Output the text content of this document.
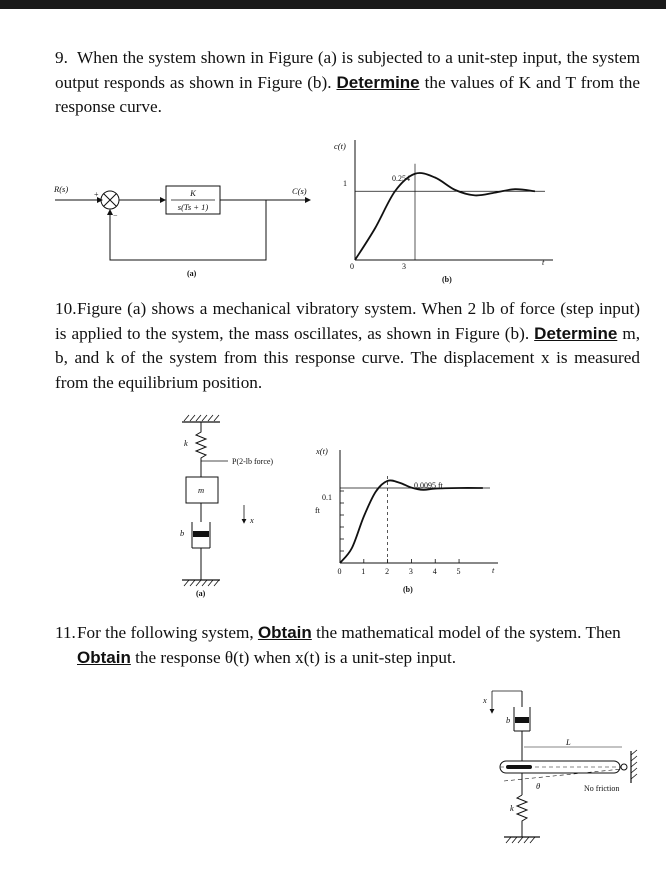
9. When the system shown in Figure (a) is subjected to a unit-step input, the system output responds as shown in Figure (b). Determine the values of K and T from the response curve.
R(s)
+
−
K
s(Ts + 1)
C(s)
(a)
c(t)
1
0	3	t
0.254
(b)
10.Figure (a) shows a mechanical vibratory system. When 2 lb of force (step input) is applied to the system, the mass oscillates, as shown in Figure (b). Determine m, b, and k of the system from this response curve. The displacement x is measured from the equilibrium position.
k
P(2-lb force)
m
b
x
(a)
x(t)
0.1
ft
0.0095 ft
t
(b)
0 1 2 3 4 5
11.For the following system, Obtain the mathematical model of the system. Then
Obtain the response θ(t) when x(t) is a unit-step input.
x
b
L
θ	No friction
k
